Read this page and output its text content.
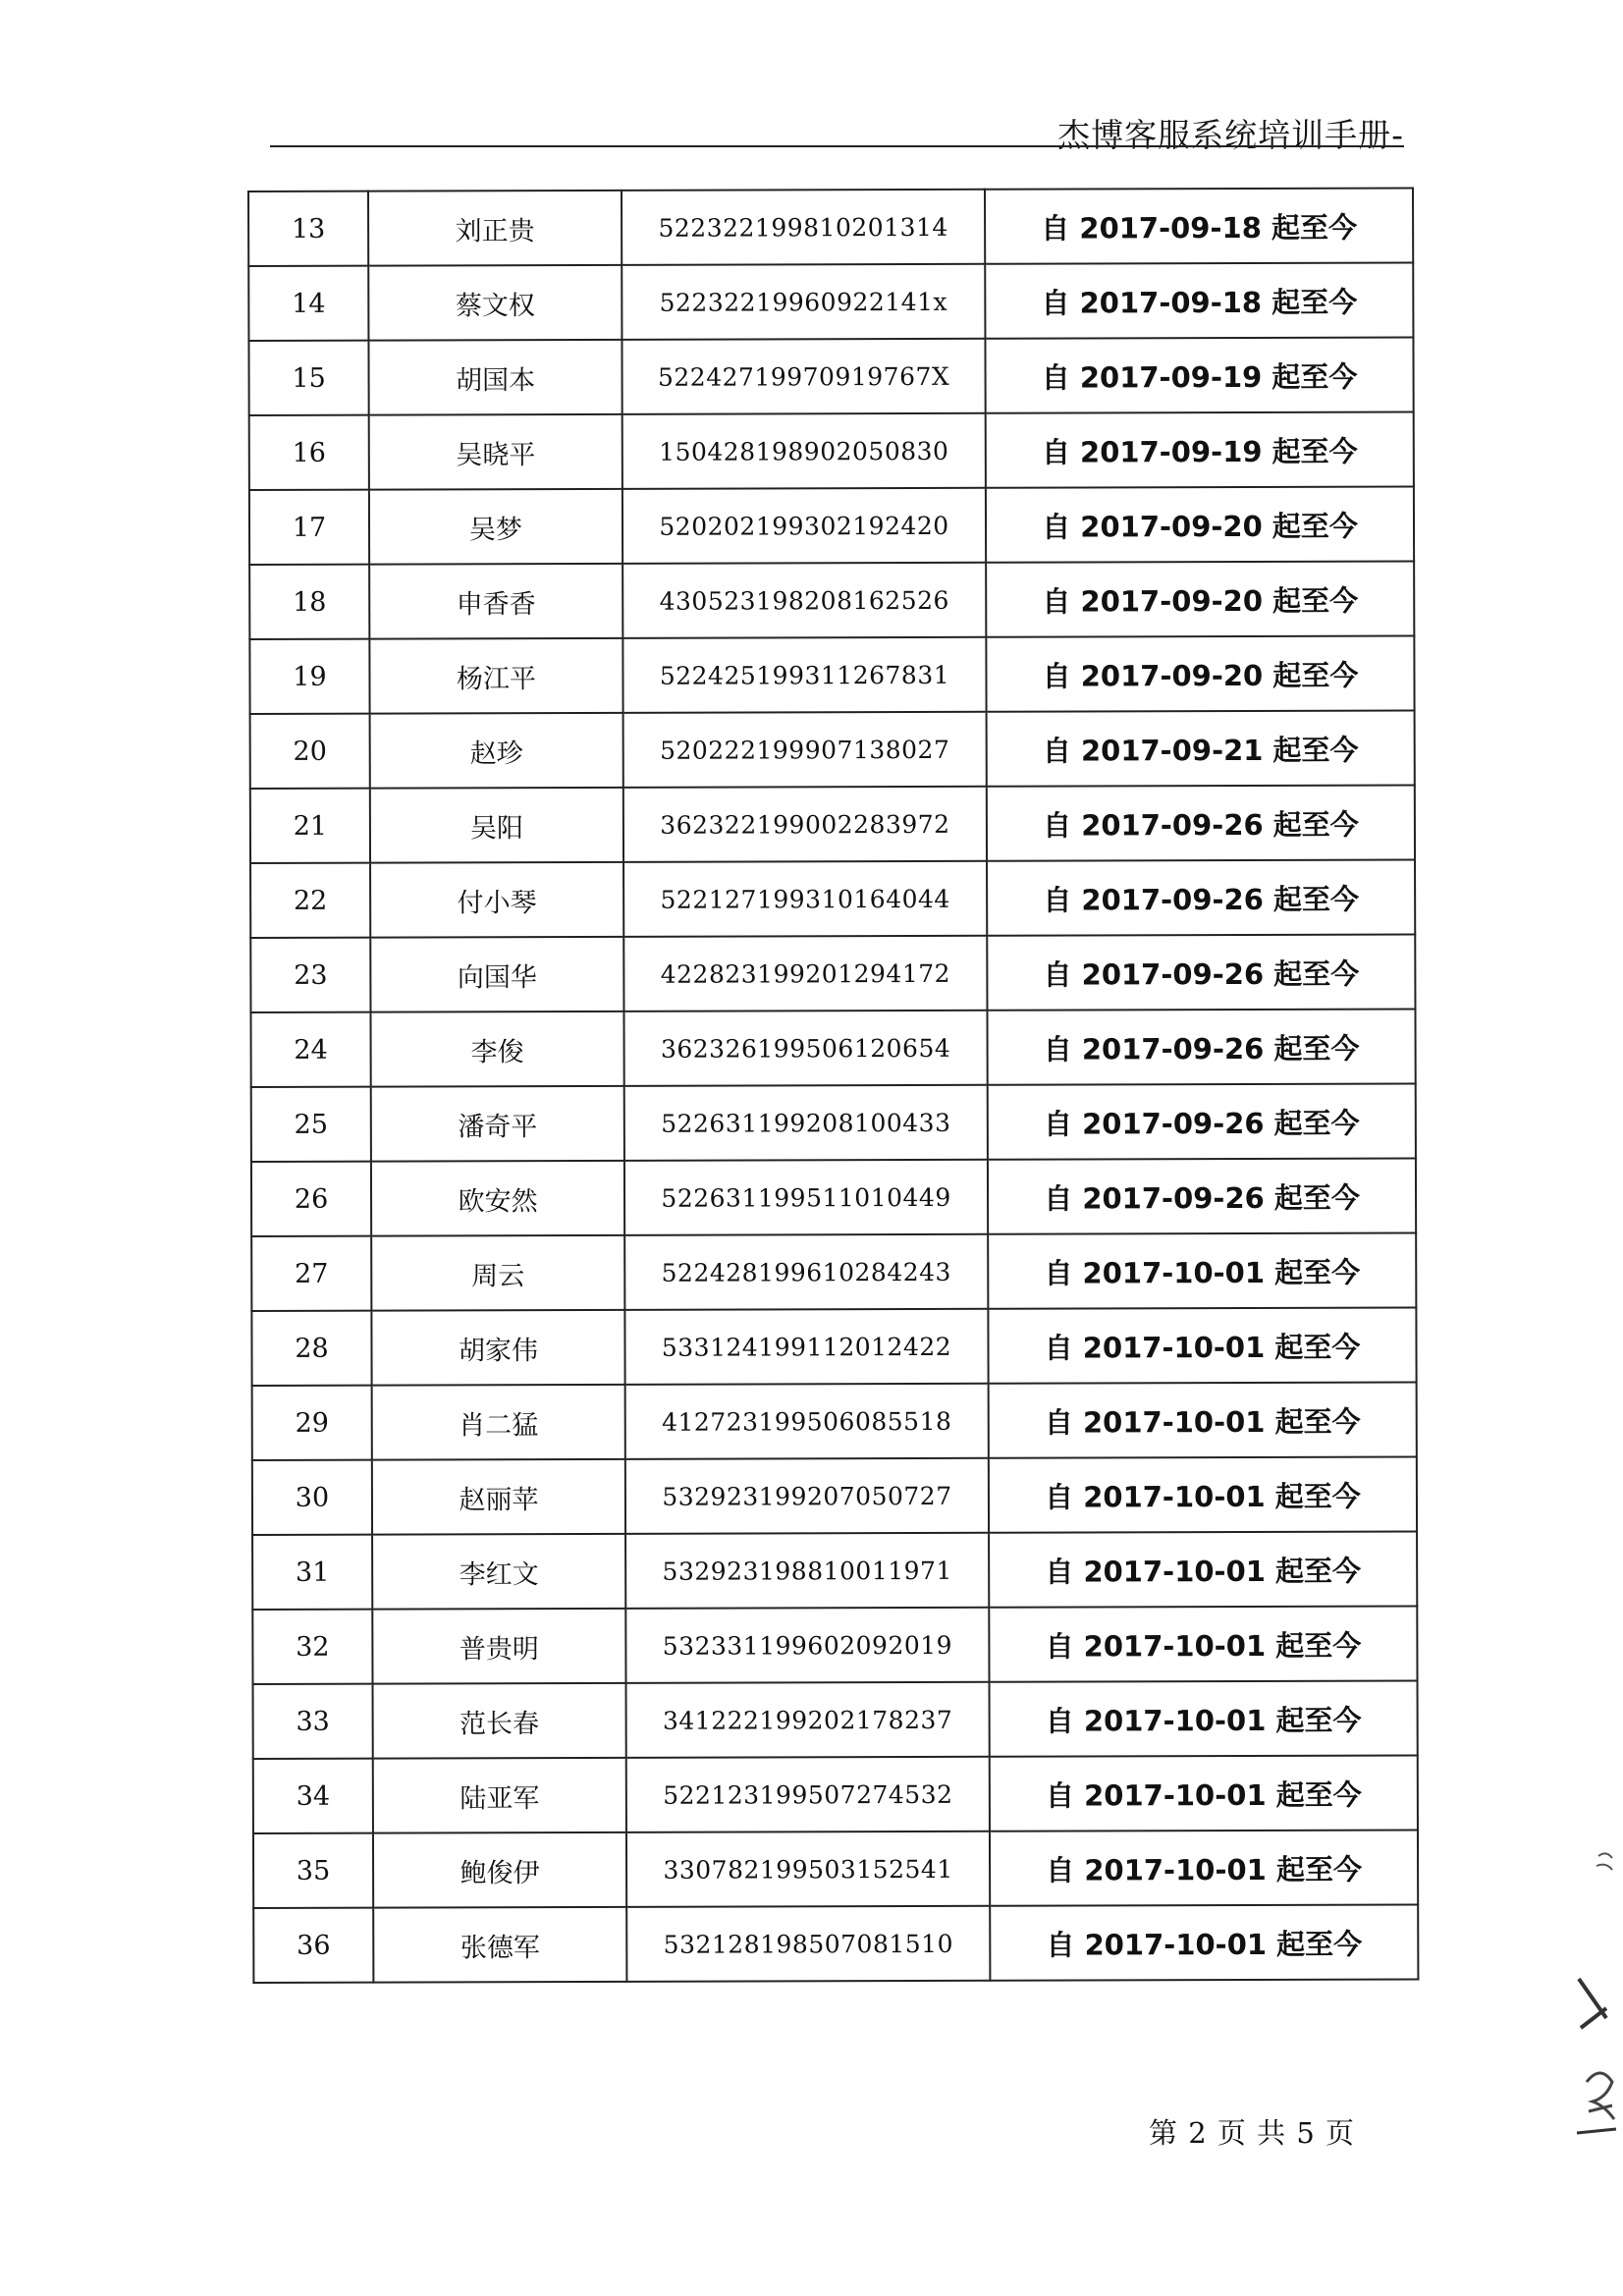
杰博客服系统培训手册-
13	刘正贵	522322199810201314	自 2017-09-18 起至今
14	蔡文权	52232219960922141x	自 2017-09-18 起至今
15	胡国本	52242719970919767X	自 2017-09-19 起至今
16	吴晓平	150428198902050830	自 2017-09-19 起至今
17	吴梦	520202199302192420	自 2017-09-20 起至今
18	申香香	430523198208162526	自 2017-09-20 起至今
19	杨江平	522425199311267831	自 2017-09-20 起至今
20	赵珍	520222199907138027	自 2017-09-21 起至今
21	吴阳	362322199002283972	自 2017-09-26 起至今
22	付小琴	522127199310164044	自 2017-09-26 起至今
23	向国华	422823199201294172	自 2017-09-26 起至今
24	李俊	362326199506120654	自 2017-09-26 起至今
25	潘奇平	522631199208100433	自 2017-09-26 起至今
26	欧安然	522631199511010449	自 2017-09-26 起至今
27	周云	522428199610284243	自 2017-10-01 起至今
28	胡家伟	533124199112012422	自 2017-10-01 起至今
29	肖二猛	412723199506085518	自 2017-10-01 起至今
30	赵丽苹	532923199207050727	自 2017-10-01 起至今
31	李红文	532923198810011971	自 2017-10-01 起至今
32	普贵明	532331199602092019	自 2017-10-01 起至今
33	范长春	341222199202178237	自 2017-10-01 起至今
34	陆亚军	522123199507274532	自 2017-10-01 起至今
35	鲍俊伊	330782199503152541	自 2017-10-01 起至今
36	张德军	532128198507081510	自 2017-10-01 起至今
第 2 页 共 5 页
